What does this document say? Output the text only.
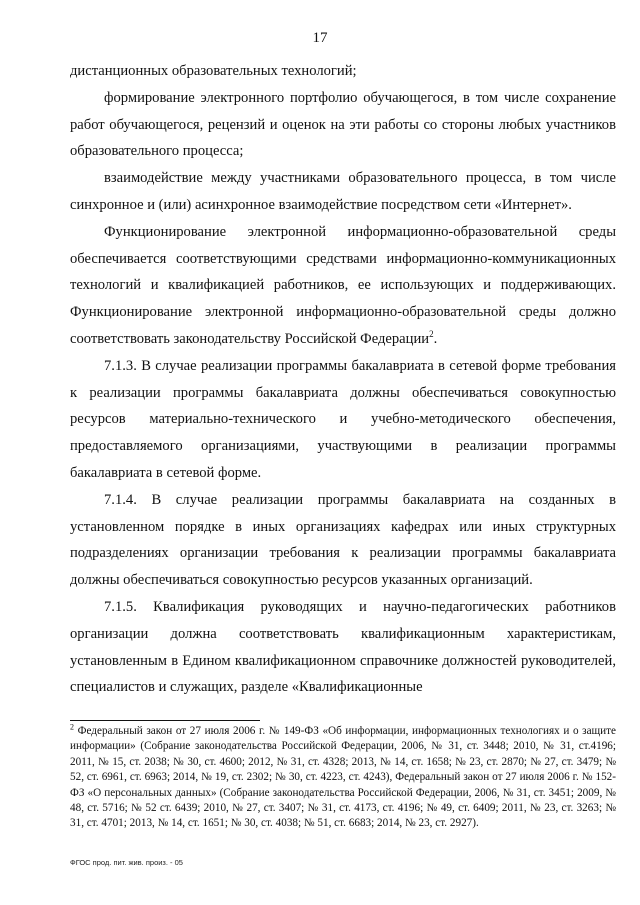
17

дистанционных образовательных технологий;

формирование электронного портфолио обучающегося, в том числе сохранение работ обучающегося, рецензий и оценок на эти работы со стороны любых участников образовательного процесса;

взаимодействие между участниками образовательного процесса, в том числе синхронное и (или) асинхронное взаимодействие посредством сети «Интернет».

Функционирование электронной информационно-образовательной среды обеспечивается соответствующими средствами информационно-коммуникационных технологий и квалификацией работников, ее использующих и поддерживающих. Функционирование электронной информационно-образовательной среды должно соответствовать законодательству Российской Федерации$^2$.

7.1.3. В случае реализации программы бакалавриата в сетевой форме требования к реализации программы бакалавриата должны обеспечиваться совокупностью ресурсов материально-технического и учебно-методического обеспечения, предоставляемого организациями, участвующими в реализации программы бакалавриата в сетевой форме.

7.1.4. В случае реализации программы бакалавриата на созданных в установленном порядке в иных организациях кафедрах или иных структурных подразделениях организации требования к реализации программы бакалавриата должны обеспечиваться совокупностью ресурсов указанных организаций.

7.1.5. Квалификация руководящих и научно-педагогических работников организации должна соответствовать квалификационным характеристикам, установленным в Едином квалификационном справочнике должностей руководителей, специалистов и служащих, разделе «Квалификационные

$^2$ Федеральный закон от 27 июля 2006 г. № 149-ФЗ «Об информации, информационных технологиях и о защите информации» (Собрание законодательства Российской Федерации, 2006, № 31, ст. 3448; 2010, № 31, ст.4196; 2011, № 15, ст. 2038; № 30, ст. 4600; 2012, № 31, ст. 4328; 2013, № 14, ст. 1658; № 23, ст. 2870; № 27, ст. 3479; № 52, ст. 6961, ст. 6963; 2014, № 19, ст. 2302; № 30, ст. 4223, ст. 4243), Федеральный закон от 27 июля 2006 г. № 152-ФЗ «О персональных данных» (Собрание законодательства Российской Федерации, 2006, № 31, ст. 3451; 2009, № 48, ст. 5716; № 52 ст. 6439; 2010, № 27, ст. 3407; № 31, ст. 4173, ст. 4196; № 49, ст. 6409; 2011, № 23, ст. 3263; № 31, ст. 4701; 2013, № 14, ст. 1651; № 30, ст. 4038; № 51, ст. 6683; 2014, № 23, ст. 2927).

ФГОС прод. пит. жив. произ. - 05
